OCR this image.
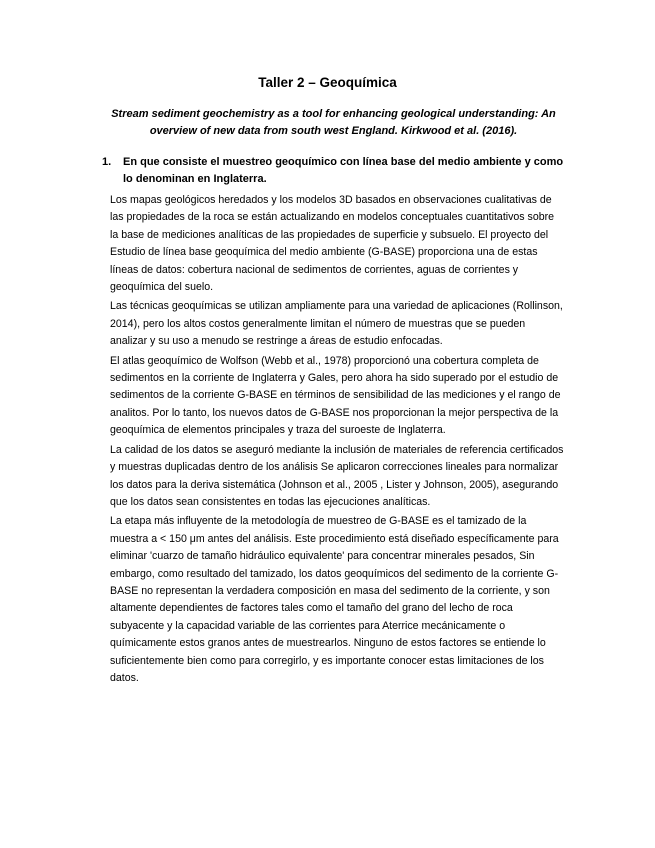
Taller 2 – Geoquímica
Stream sediment geochemistry as a tool for enhancing geological understanding: An overview of new data from south west England. Kirkwood et al. (2016).
1.	En que consiste el muestreo geoquímico con línea base del medio ambiente y como lo denominan en Inglaterra.

Los mapas geológicos heredados y los modelos 3D basados en observaciones cualitativas de las propiedades de la roca se están actualizando en modelos conceptuales cuantitativos sobre la base de mediciones analíticas de las propiedades de superficie y subsuelo. El proyecto del Estudio de línea base geoquímica del medio ambiente (G-BASE) proporciona una de estas líneas de datos: cobertura nacional de sedimentos de corrientes, aguas de corrientes y geoquímica del suelo.

Las técnicas geoquímicas se utilizan ampliamente para una variedad de aplicaciones (Rollinson, 2014), pero los altos costos generalmente limitan el número de muestras que se pueden analizar y su uso a menudo se restringe a áreas de estudio enfocadas.

El atlas geoquímico de Wolfson (Webb et al., 1978) proporcionó una cobertura completa de sedimentos en la corriente de Inglaterra y Gales, pero ahora ha sido superado por el estudio de sedimentos de la corriente G-BASE en términos de sensibilidad de las mediciones y el rango de analitos. Por lo tanto, los nuevos datos de G-BASE nos proporcionan la mejor perspectiva de la geoquímica de elementos principales y traza del suroeste de Inglaterra.

La calidad de los datos se aseguró mediante la inclusión de materiales de referencia certificados y muestras duplicadas dentro de los análisis Se aplicaron correcciones lineales para normalizar los datos para la deriva sistemática (Johnson et al., 2005 , Lister y Johnson, 2005), asegurando que los datos sean consistentes en todas las ejecuciones analíticas.

La etapa más influyente de la metodología de muestreo de G-BASE es el tamizado de la muestra a < 150 μm antes del análisis. Este procedimiento está diseñado específicamente para eliminar 'cuarzo de tamaño hidráulico equivalente' para concentrar minerales pesados, Sin embargo, como resultado del tamizado, los datos geoquímicos del sedimento de la corriente G-BASE no representan la verdadera composición en masa del sedimento de la corriente, y son altamente dependientes de factores tales como el tamaño del grano del lecho de roca subyacente y la capacidad variable de las corrientes para Aterrice mecánicamente o químicamente estos granos antes de muestrearlos. Ninguno de estos factores se entiende lo suficientemente bien como para corregirlo, y es importante conocer estas limitaciones de los datos.
